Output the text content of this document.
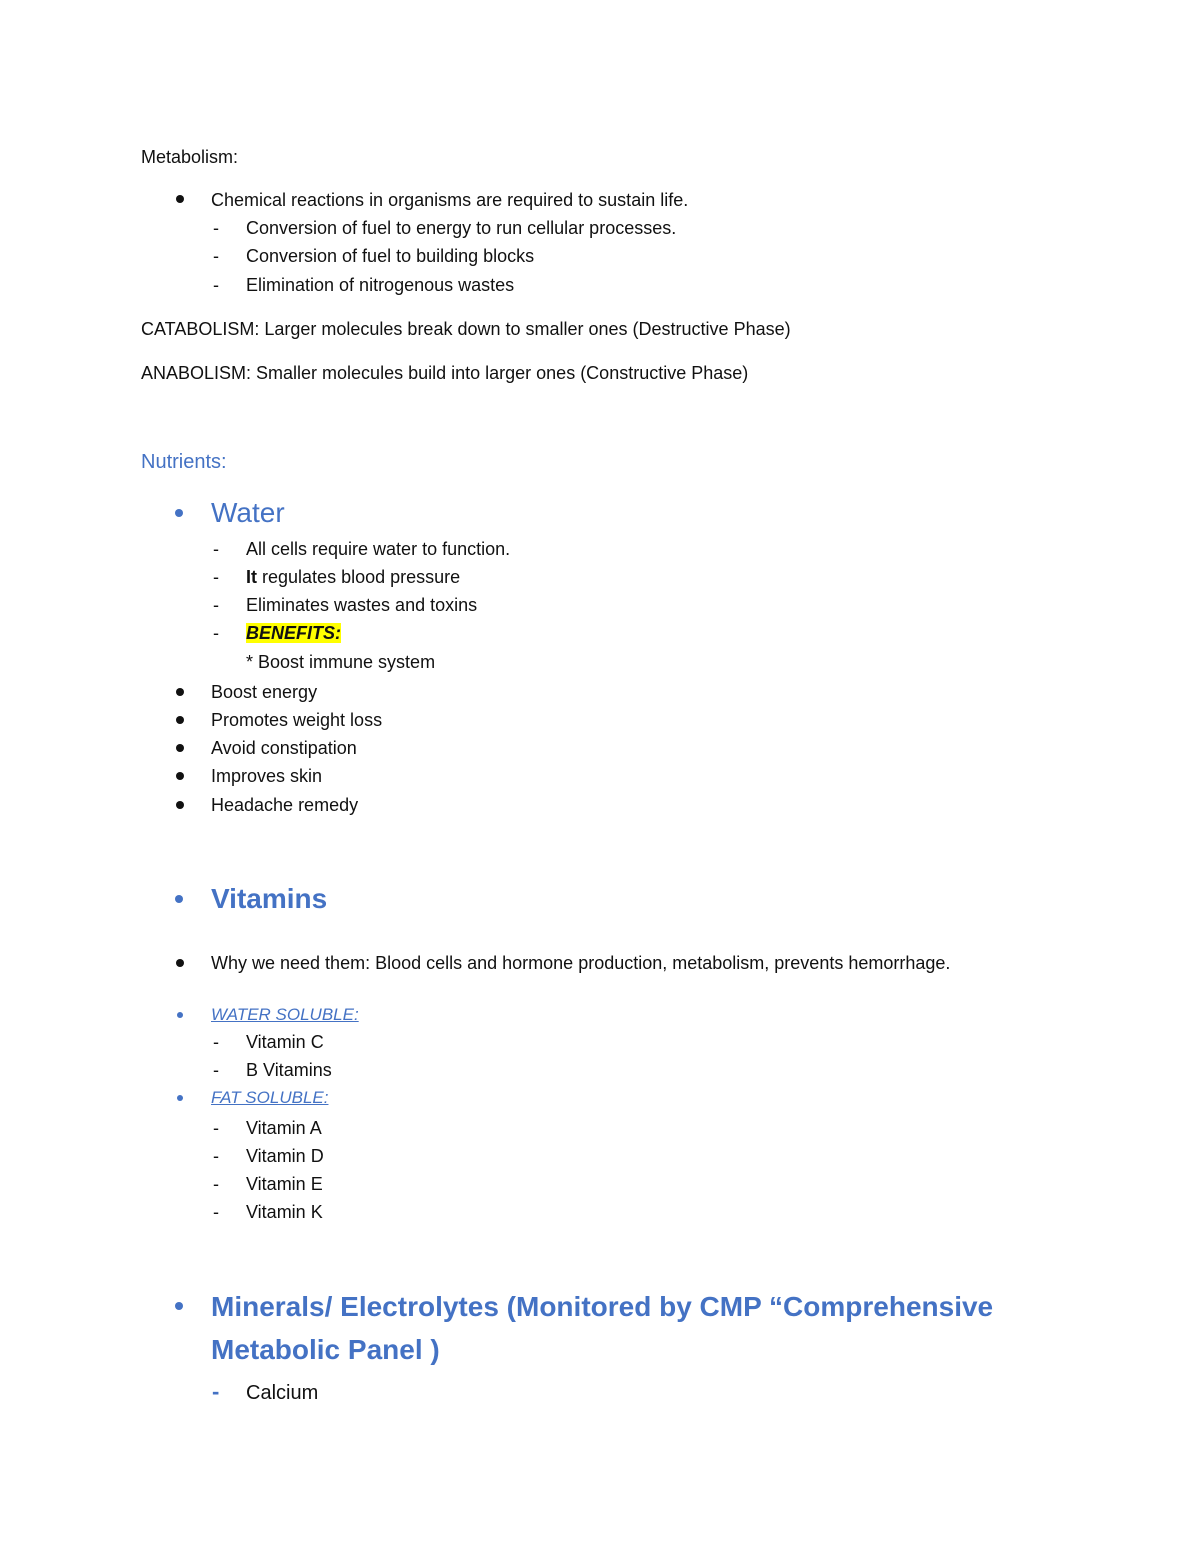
Metabolism:
Chemical reactions in organisms are required to sustain life.
- Conversion of fuel to energy to run cellular processes.
- Conversion of fuel to building blocks
- Elimination of nitrogenous wastes
CATABOLISM: Larger molecules break down to smaller ones (Destructive Phase)
ANABOLISM: Smaller molecules build into larger ones (Constructive Phase)
Nutrients:
Water
- All cells require water to function.
- It regulates blood pressure
- Eliminates wastes and toxins
- BENEFITS:
* Boost immune system
Boost energy
Promotes weight loss
Avoid constipation
Improves skin
Headache remedy
Vitamins
Why we need them: Blood cells and hormone production, metabolism, prevents hemorrhage.
WATER SOLUBLE:
- Vitamin C
- B Vitamins
FAT SOLUBLE:
- Vitamin A
- Vitamin D
- Vitamin E
- Vitamin K
Minerals/ Electrolytes (Monitored by CMP “Comprehensive Metabolic Panel )
- Calcium
